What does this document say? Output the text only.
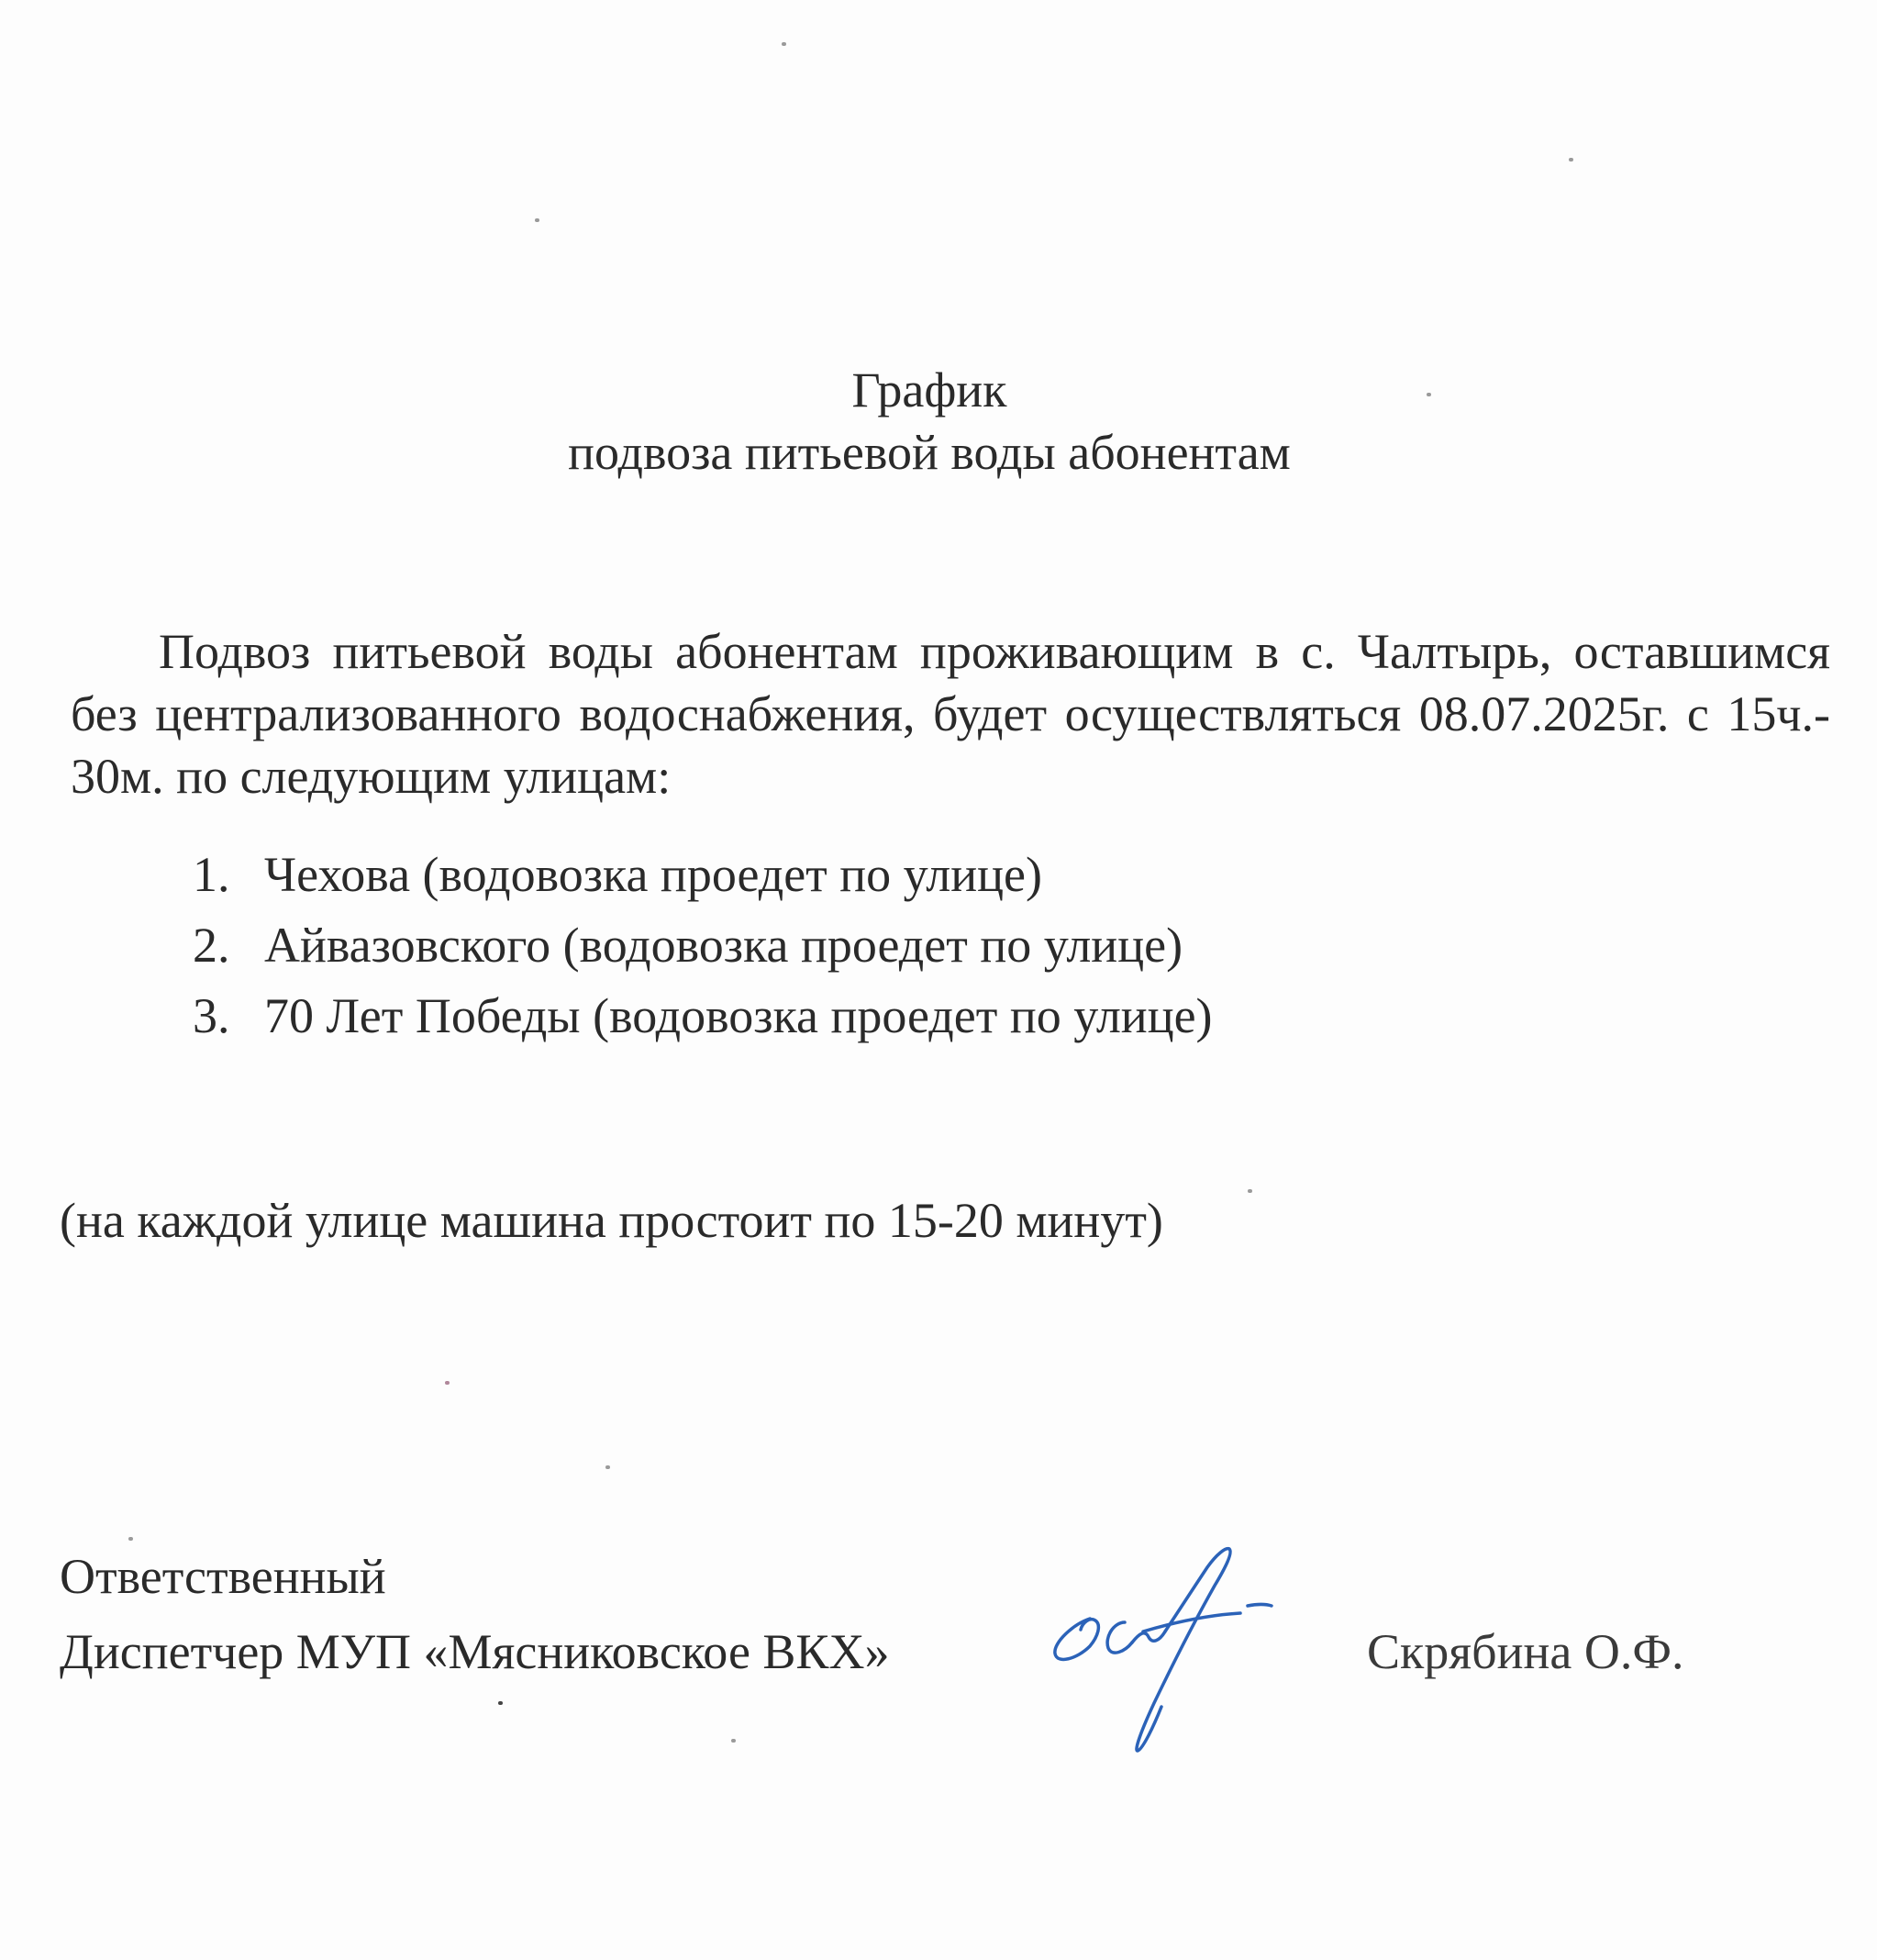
График
подвоза питьевой воды абонентам

Подвоз питьевой воды абонентам проживающим в с. Чалтырь, оставшимся без централизованного водоснабжения, будет осуществляться 08.07.2025г. с 15ч.- 30м. по следующим улицам:

1. Чехова (водовозка проедет по улице)
2. Айвазовского (водовозка проедет по улице)
3. 70 Лет Победы (водовозка проедет по улице)

(на каждой улице машина простоит по 15-20 минут)

Ответственный
Диспетчер МУП «Мясниковское ВКХ»	Скрябина О.Ф.
